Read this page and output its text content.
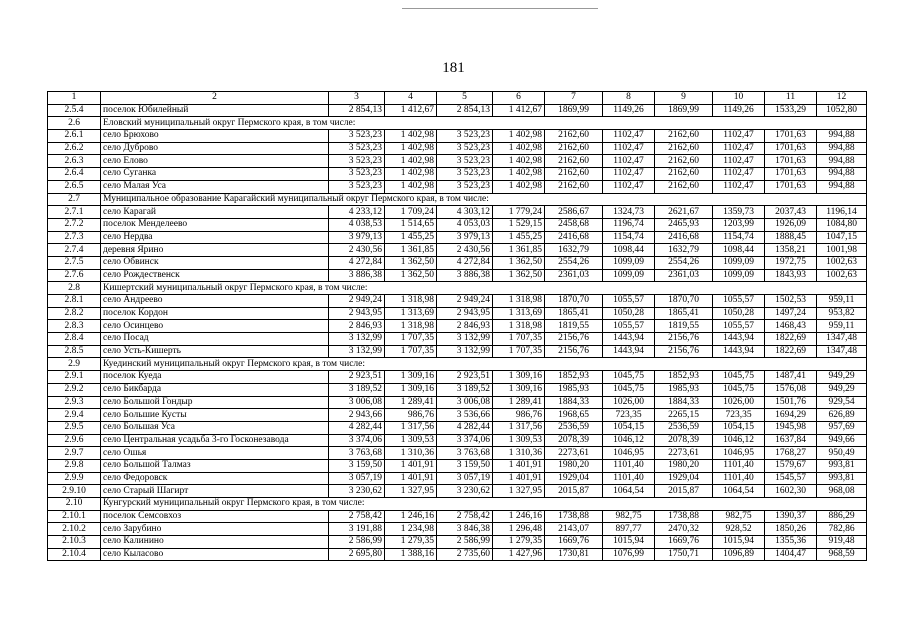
181
1	2	3	4	5	6	7	8	9	10	11	12
2.5.4	поселок Юбилейный	2 854,13	1 412,67	2 854,13	1 412,67	1869,99	1149,26	1869,99	1149,26	1533,29	1052,80
2.6	Еловский муниципальный округ Пермского края, в том числе:										
2.6.1	село Брюхово	3 523,23	1 402,98	3 523,23	1 402,98	2162,60	1102,47	2162,60	1102,47	1701,63	994,88
2.6.2	село Дуброво	3 523,23	1 402,98	3 523,23	1 402,98	2162,60	1102,47	2162,60	1102,47	1701,63	994,88
2.6.3	село Елово	3 523,23	1 402,98	3 523,23	1 402,98	2162,60	1102,47	2162,60	1102,47	1701,63	994,88
2.6.4	село Суганка	3 523,23	1 402,98	3 523,23	1 402,98	2162,60	1102,47	2162,60	1102,47	1701,63	994,88
2.6.5	село Малая Уса	3 523,23	1 402,98	3 523,23	1 402,98	2162,60	1102,47	2162,60	1102,47	1701,63	994,88
2.7	Муниципальное образование Карагайский муниципальный округ Пермского края, в том числе:										
2.7.1	село Карагай	4 233,12	1 709,24	4 303,12	1 779,24	2586,67	1324,73	2621,67	1359,73	2037,43	1196,14
2.7.2	поселок Менделеево	4 038,53	1 514,65	4 053,03	1 529,15	2458,68	1196,74	2465,93	1203,99	1926,09	1084,80
2.7.3	село Нердва	3 979,13	1 455,25	3 979,13	1 455,25	2416,68	1154,74	2416,68	1154,74	1888,45	1047,15
2.7.4	деревня Ярино	2 430,56	1 361,85	2 430,56	1 361,85	1632,79	1098,44	1632,79	1098,44	1358,21	1001,98
2.7.5	село Обвинск	4 272,84	1 362,50	4 272,84	1 362,50	2554,26	1099,09	2554,26	1099,09	1972,75	1002,63
2.7.6	село Рождественск	3 886,38	1 362,50	3 886,38	1 362,50	2361,03	1099,09	2361,03	1099,09	1843,93	1002,63
2.8	Кишертский муниципальный округ Пермского края, в том числе:										
2.8.1	село Андреево	2 949,24	1 318,98	2 949,24	1 318,98	1870,70	1055,57	1870,70	1055,57	1502,53	959,11
2.8.2	поселок Кордон	2 943,95	1 313,69	2 943,95	1 313,69	1865,41	1050,28	1865,41	1050,28	1497,24	953,82
2.8.3	село Осинцево	2 846,93	1 318,98	2 846,93	1 318,98	1819,55	1055,57	1819,55	1055,57	1468,43	959,11
2.8.4	село Посад	3 132,99	1 707,35	3 132,99	1 707,35	2156,76	1443,94	2156,76	1443,94	1822,69	1347,48
2.8.5	село Усть-Кишерть	3 132,99	1 707,35	3 132,99	1 707,35	2156,76	1443,94	2156,76	1443,94	1822,69	1347,48
2.9	Куединский муниципальный округ Пермского края, в том числе:										
2.9.1	поселок Куеда	2 923,51	1 309,16	2 923,51	1 309,16	1852,93	1045,75	1852,93	1045,75	1487,41	949,29
2.9.2	село Бикбарда	3 189,52	1 309,16	3 189,52	1 309,16	1985,93	1045,75	1985,93	1045,75	1576,08	949,29
2.9.3	село Большой Гондыр	3 006,08	1 289,41	3 006,08	1 289,41	1884,33	1026,00	1884,33	1026,00	1501,76	929,54
2.9.4	село Большие Кусты	2 943,66	986,76	3 536,66	986,76	1968,65	723,35	2265,15	723,35	1694,29	626,89
2.9.5	село Большая Уса	4 282,44	1 317,56	4 282,44	1 317,56	2536,59	1054,15	2536,59	1054,15	1945,98	957,69
2.9.6	село Центральная усадьба 3-го Госконезавода	3 374,06	1 309,53	3 374,06	1 309,53	2078,39	1046,12	2078,39	1046,12	1637,84	949,66
2.9.7	село Ошья	3 763,68	1 310,36	3 763,68	1 310,36	2273,61	1046,95	2273,61	1046,95	1768,27	950,49
2.9.8	село Большой Талмаз	3 159,50	1 401,91	3 159,50	1 401,91	1980,20	1101,40	1980,20	1101,40	1579,67	993,81
2.9.9	село Федоровск	3 057,19	1 401,91	3 057,19	1 401,91	1929,04	1101,40	1929,04	1101,40	1545,57	993,81
2.9.10	село Старый Шагирт	3 230,62	1 327,95	3 230,62	1 327,95	2015,87	1064,54	2015,87	1064,54	1602,30	968,08
2.10	Кунгурский муниципальный округ Пермского края, в том числе:										
2.10.1	поселок Семсовхоз	2 758,42	1 246,16	2 758,42	1 246,16	1738,88	982,75	1738,88	982,75	1390,37	886,29
2.10.2	село Зарубино	3 191,88	1 234,98	3 846,38	1 296,48	2143,07	897,77	2470,32	928,52	1850,26	782,86
2.10.3	село Калинино	2 586,99	1 279,35	2 586,99	1 279,35	1669,76	1015,94	1669,76	1015,94	1355,36	919,48
2.10.4	село Кыласово	2 695,80	1 388,16	2 735,60	1 427,96	1730,81	1076,99	1750,71	1096,89	1404,47	968,59
